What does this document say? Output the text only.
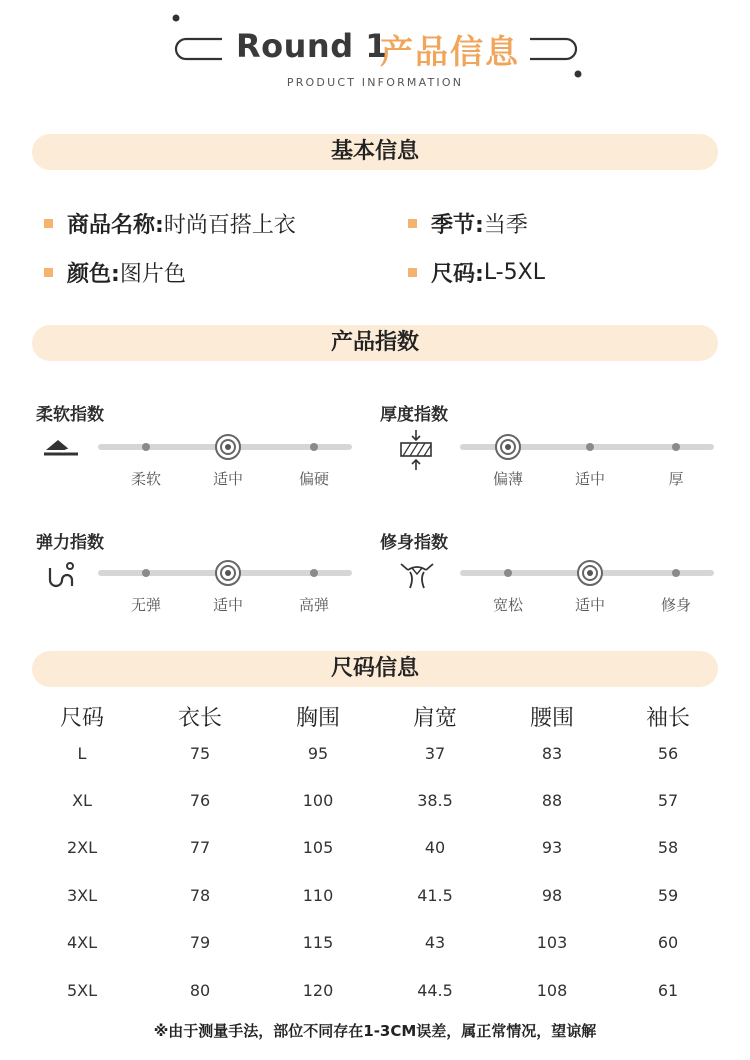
Round 1
产品信息
PRODUCT INFORMATION
基本信息
商品名称: 时尚百搭上衣	季节: 当季
颜色: 图片色	尺码: L-5XL
产品指数
柔软指数	厚度指数
弹力指数	修身指数
柔软	适中	偏硬	偏薄	适中	厚
无弹	适中	高弹	宽松	适中	修身
尺码信息
尺码	衣长	胸围	肩宽	腰围	袖长
L	75	95	37	83	56
XL	76	100	38.5	88	57
2XL	77	105	40	93	58
3XL	78	110	41.5	98	59
4XL	79	115	43	103	60
5XL	80	120	44.5	108	61
※由于测量手法，部位不同存在1-3CM误差，属正常情况，望谅解
